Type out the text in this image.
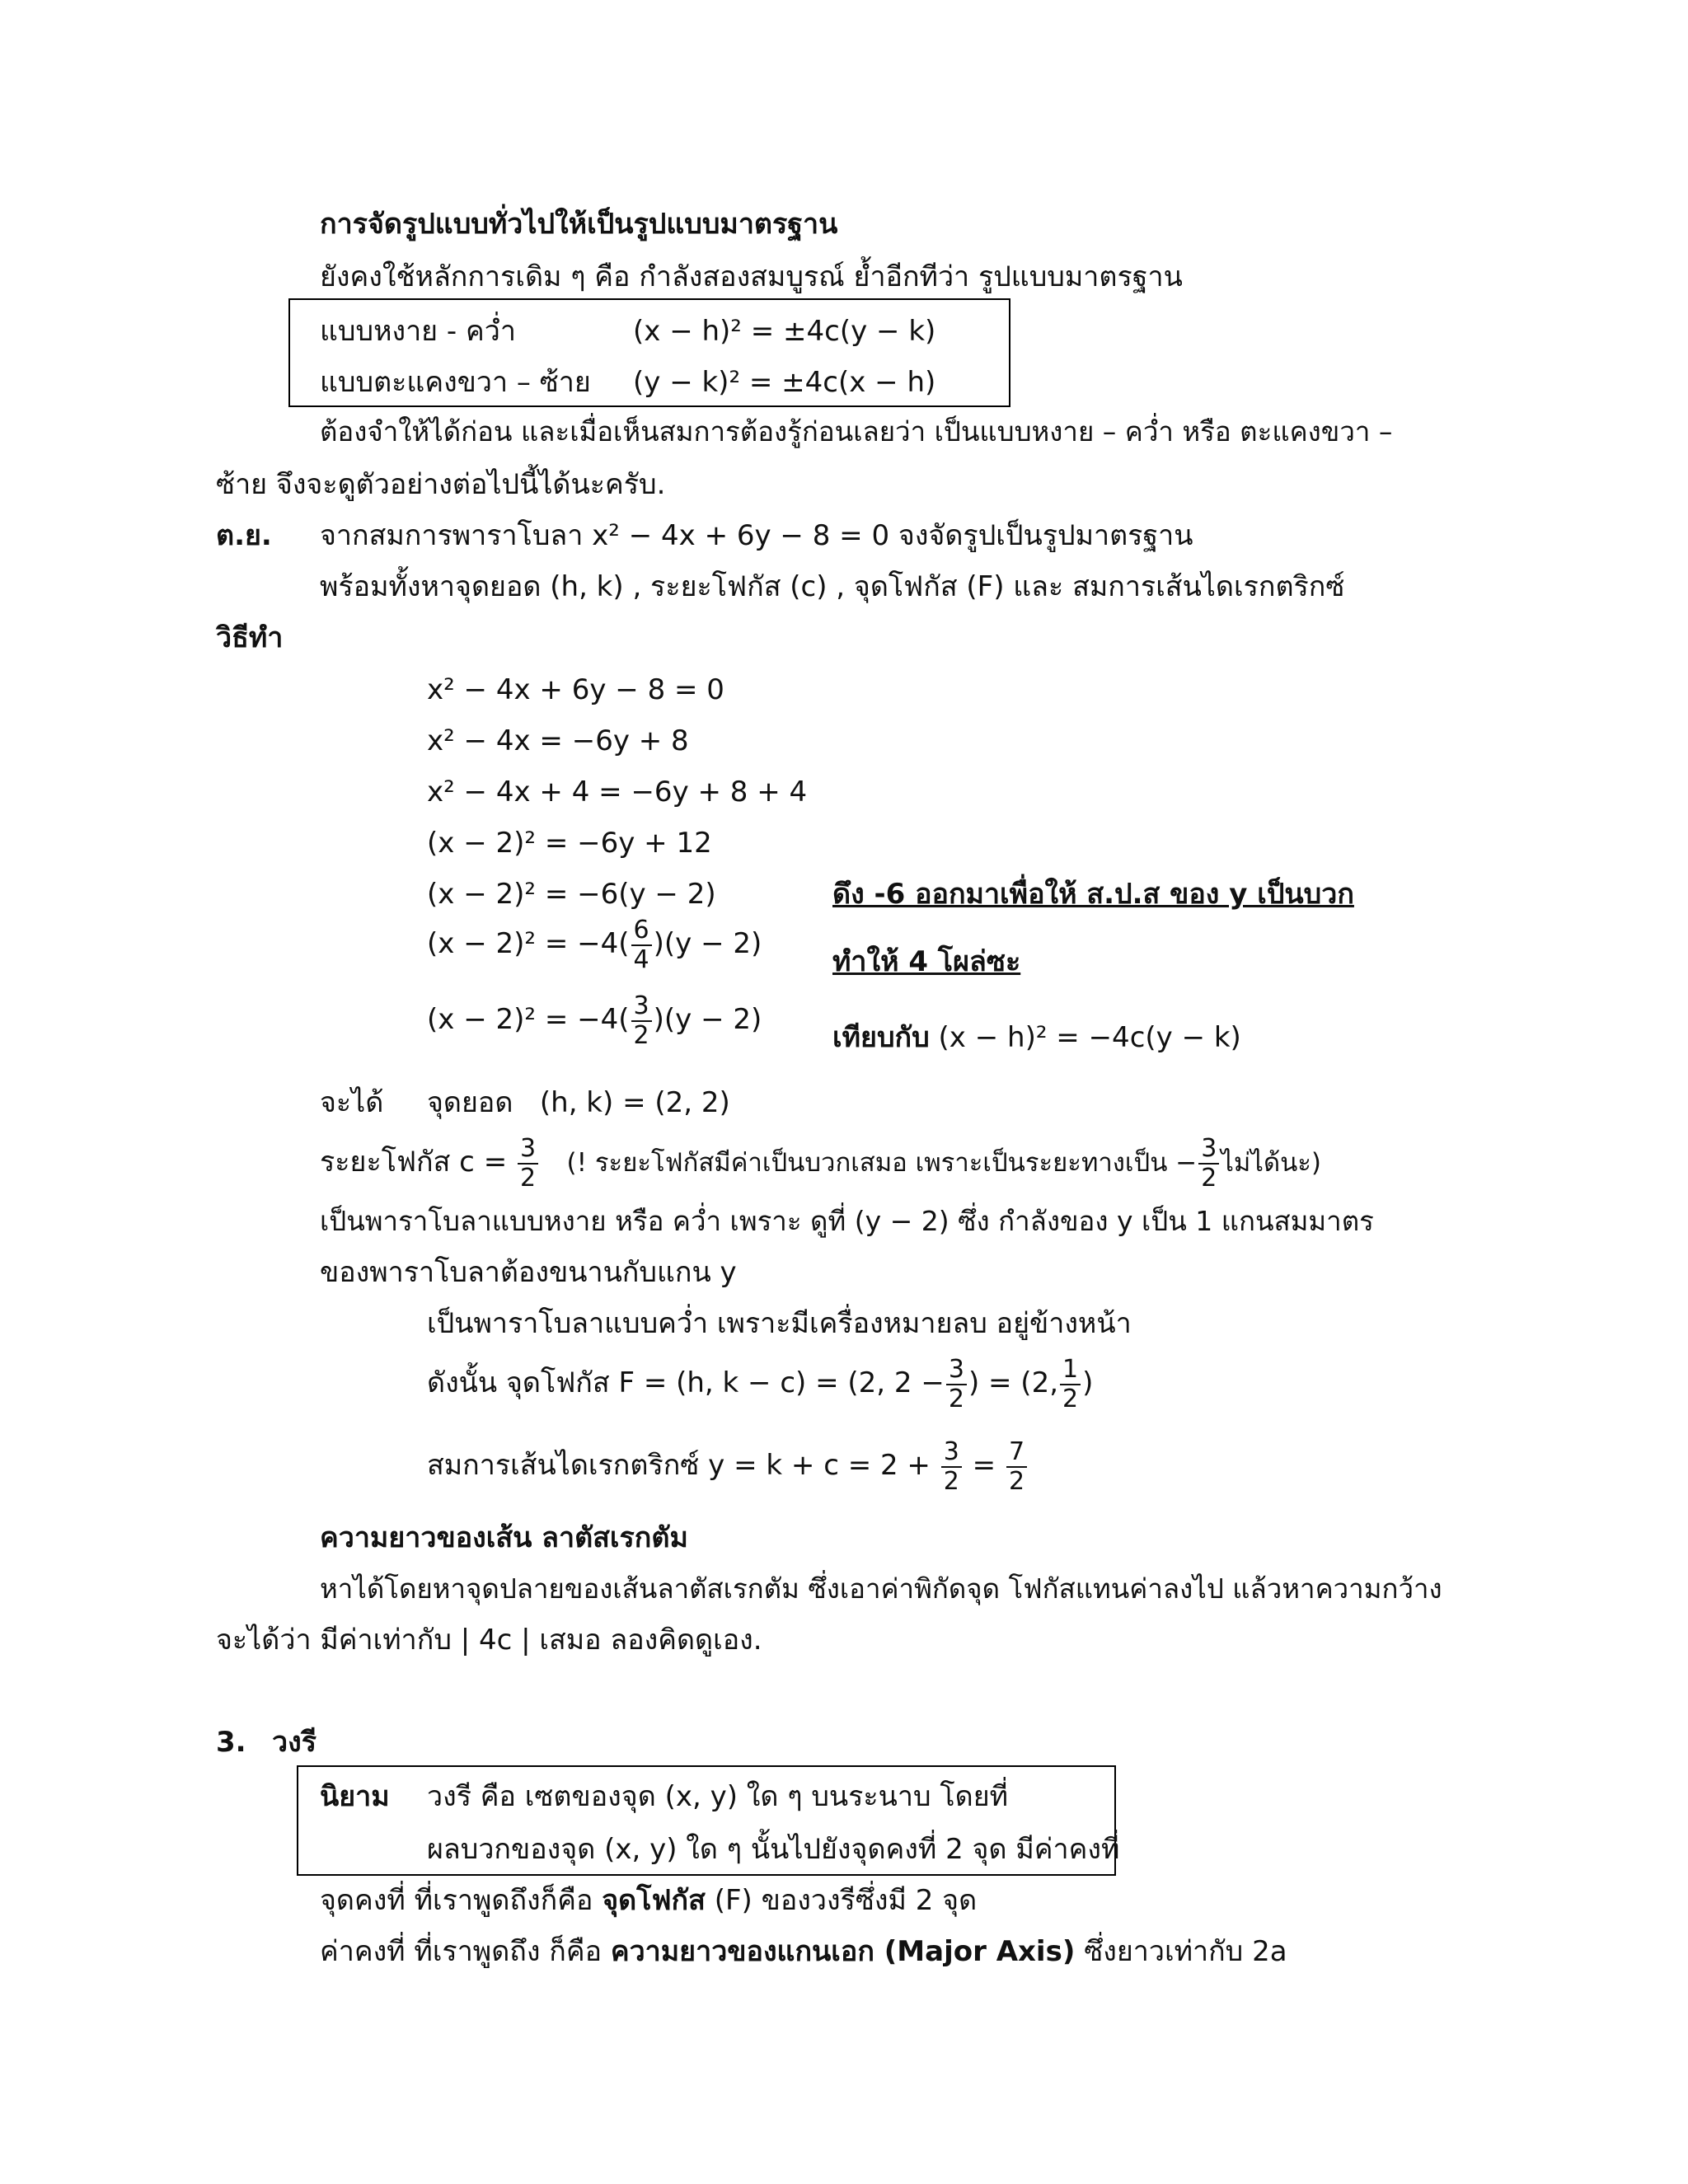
การจัดรูปแบบทั่วไปให้เป็นรูปแบบมาตรฐาน
ยังคงใช้หลักการเดิม ๆ คือ กำลังสองสมบูรณ์ ย้ำอีกทีว่า รูปแบบมาตรฐาน
แบบหงาย - คว่ำ	(x − h)² = ±4c(y − k)
แบบตะแคงขวา – ซ้าย (y − k)² = ±4c(x − h)
ต้องจำให้ได้ก่อน และเมื่อเห็นสมการต้องรู้ก่อนเลยว่า เป็นแบบหงาย – คว่ำ หรือ ตะแคงขวา –
ซ้าย จึงจะดูตัวอย่างต่อไปนี้ได้นะครับ.
ต.ย. จากสมการพาราโบลา x² − 4x + 6y − 8 = 0 จงจัดรูปเป็นรูปมาตรฐาน
พร้อมทั้งหาจุดยอด (h, k) , ระยะโฟกัส (c) , จุดโฟกัส (F) และ สมการเส้นไดเรกตริกซ์
วิธีทำ
x² − 4x + 6y − 8 = 0
x² − 4x = −6y + 8
x² − 4x + 4 = −6y + 8 + 4
(x − 2)² = −6y + 12
(x − 2)² = −6(y − 2)	ดึง -6 ออกมาเพื่อให้ ส.ป.ส ของ y เป็นบวก
$(x - 2)^2 = -4( \frac{6}{4} )(y - 2)$
ทำให้ 4 โผล่ซะ
$(x - 2)^2 = -4( \frac{3}{2} )(y - 2)$
เทียบกับ (x − h)² = −4c(y − k)
จะได้ จุดยอด (h, k) = (2, 2)
ระยะโฟกัส $c = \frac{3}{2}$ (! ระยะโฟกัสมีค่าเป็นบวกเสมอ เพราะเป็นระยะทางเป็น − $\frac{3}{2}$ ไม่ได้นะ)
เป็นพาราโบลาแบบหงาย หรือ คว่ำ เพราะ ดูที่ (y − 2) ซึ่ง กำลังของ y เป็น 1 แกนสมมาตร
ของพาราโบลาต้องขนานกับแกน y
เป็นพาราโบลาแบบคว่ำ เพราะมีเครื่องหมายลบ อยู่ข้างหน้า
ดังนั้น จุดโฟกัส F = (h, k − c) = (2, $2 - \frac{3}{2}$ ) = (2, $\frac{1}{2}$ )
สมการเส้นไดเรกตริกซ์ $y = k + c = 2 + \frac{3}{2} = \frac{7}{2}$
ความยาวของเส้น ลาตัสเรกตัม
หาได้โดยหาจุดปลายของเส้นลาตัสเรกตัม ซึ่งเอาค่าพิกัดจุด โฟกัสแทนค่าลงไป แล้วหาความกว้าง
จะได้ว่า มีค่าเท่ากับ | 4c | เสมอ ลองคิดดูเอง.
3. วงรี
นิยาม วงรี คือ เซตของจุด (x, y) ใด ๆ บนระนาบ โดยที่
ผลบวกของจุด (x, y) ใด ๆ นั้นไปยังจุดคงที่ 2 จุด มีค่าคงที่
จุดคงที่ ที่เราพูดถึงก็คือ จุดโฟกัส (F) ของวงรีซึ่งมี 2 จุด
ค่าคงที่ ที่เราพูดถึง ก็คือ ความยาวของแกนเอก (Major Axis) ซึ่งยาวเท่ากับ 2a
